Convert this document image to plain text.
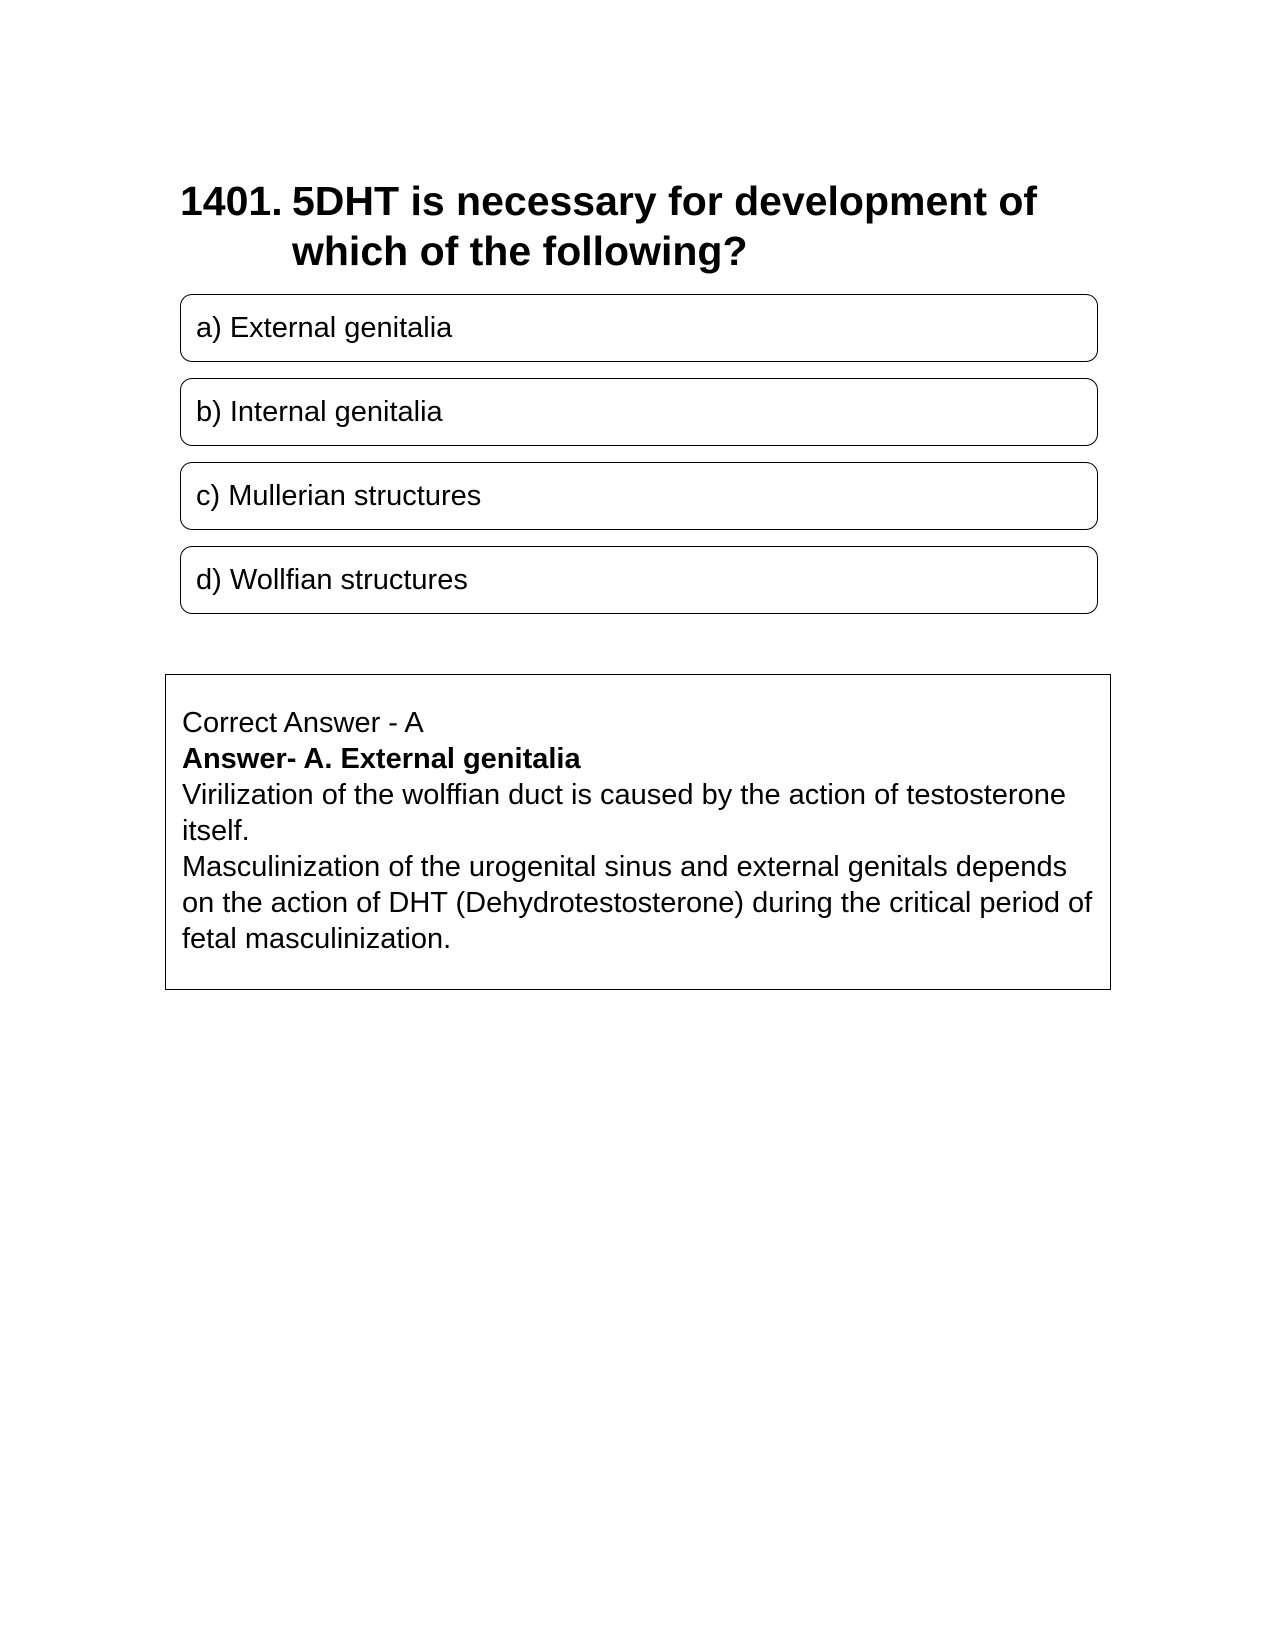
1401. 5DHT is necessary for development of which of the following?
a) External genitalia
b) Internal genitalia
c) Mullerian structures
d) Wollfian structures
Correct Answer - A
Answer- A. External genitalia
Virilization of the wolffian duct is caused by the action of testosterone itself.
Masculinization of the urogenital sinus and external genitals depends on the action of DHT (Dehydrotestosterone) during the critical period of fetal masculinization.
